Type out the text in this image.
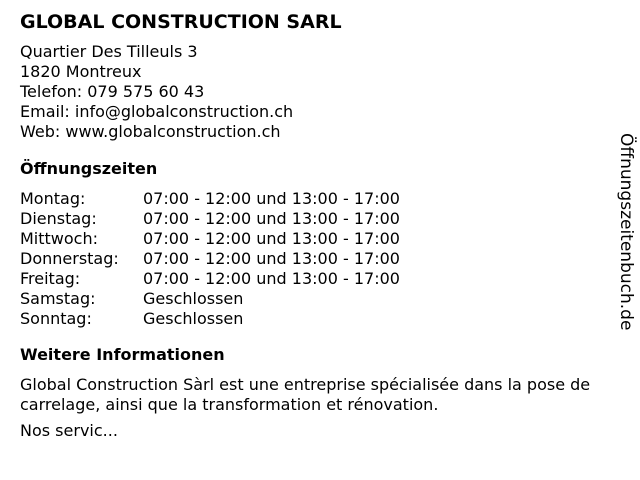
GLOBAL CONSTRUCTION SARL
Quartier Des Tilleuls 3
1820 Montreux
Telefon: 079 575 60 43
Email: info@globalconstruction.ch
Web: www.globalconstruction.ch
Öffnungszeiten
Montag:	07:00 - 12:00 und 13:00 - 17:00
Dienstag:	07:00 - 12:00 und 13:00 - 17:00
Mittwoch:	07:00 - 12:00 und 13:00 - 17:00
Donnerstag:	07:00 - 12:00 und 13:00 - 17:00
Freitag:	07:00 - 12:00 und 13:00 - 17:00
Samstag:	Geschlossen
Sonntag:	Geschlossen
Weitere Informationen

Global Construction Sàrl est une entreprise spécialisée dans la pose de carrelage, ainsi que la transformation et rénovation.

Nos servic...
Öffnungszeitenbuch.de
